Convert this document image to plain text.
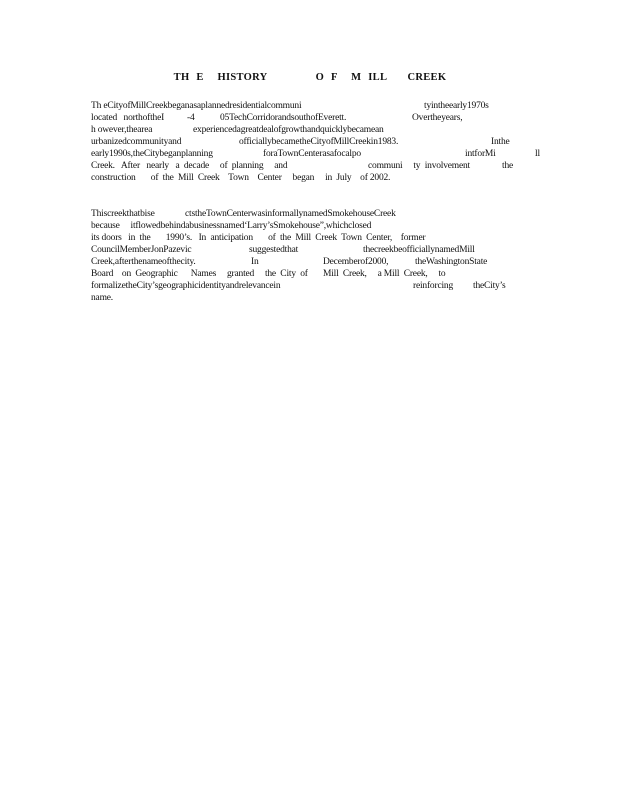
TH E  HISTORY       O F  M ILL   CREEK
Th eCityofMillCreekbeganasaplannedresidentialcommuni	tyintheearly1970s
located   northoftheI -4	05TechCorridorandsouthofEverett.	Overtheyears,
h owever,thearea	experiencedagreatdealofgrowthandquicklybecamean
urbanizedcommunityand	officiallybecametheCityofMillCreekin1983.	Inthe
early1990s,theCitybeganplanning	foraTownCenterasafocalpo	intforMi	ll
Creek.   After   nearly   a  decade     of  planning     and	communi     ty  involvement	the
construction       of  the  Mill  Creek    Town    Center     began     in  July    of 2002.
Thiscreekthatbise	ctstheTownCenterwasinformallynamedSmokehouseCreek
because     itflowedbehindabusinessnamed‘Larry’sSmokehouse”,whichclosed
its doors   in  the       1990’s.   In  anticipation       of  the  Mill  Creek  Town  Center,    former
CouncilMemberJonPazevic	suggestedthat	thecreekbeofficiallynamedMill
Creek,afterthenameofthecity.	In	Decemberof2000,	theWashingtonState
Board    on  Geographic      Names     granted     the  City  of       Mill  Creek,     a Mill  Creek,     to
formalizetheCity’sgeographicidentityandrelevancein	reinforcing theCity’s
name.
